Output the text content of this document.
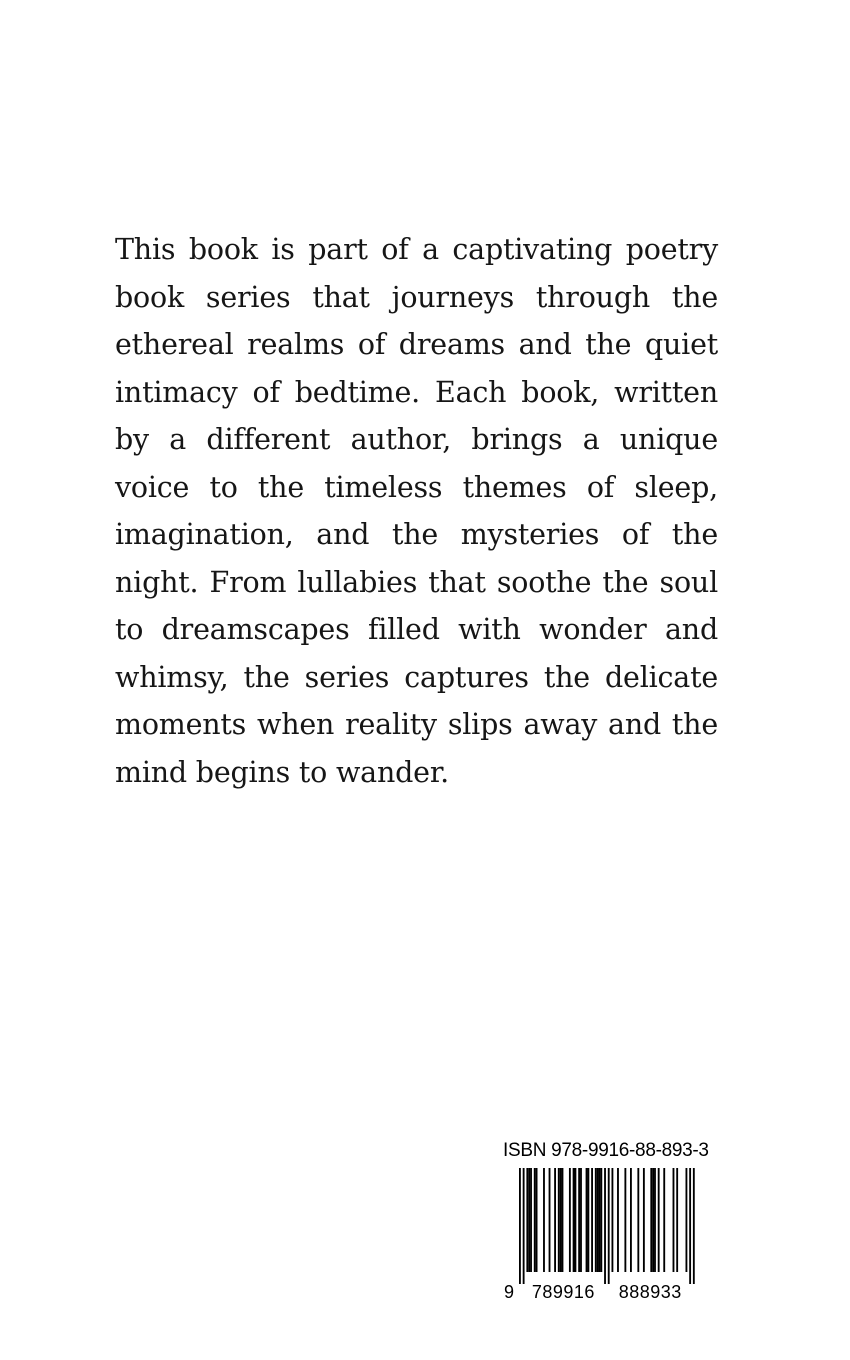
This book is part of a captivating poetry book series that journeys through the ethereal realms of dreams and the quiet intimacy of bedtime. Each book, written by a different author, brings a unique voice to the timeless themes of sleep, imagination, and the mysteries of the night. From lullabies that soothe the soul to dreamscapes filled with wonder and whimsy, the series captures the delicate moments when reality slips away and the mind begins to wander.

ISBN 978-9916-88-893-3
9 789916 888933
